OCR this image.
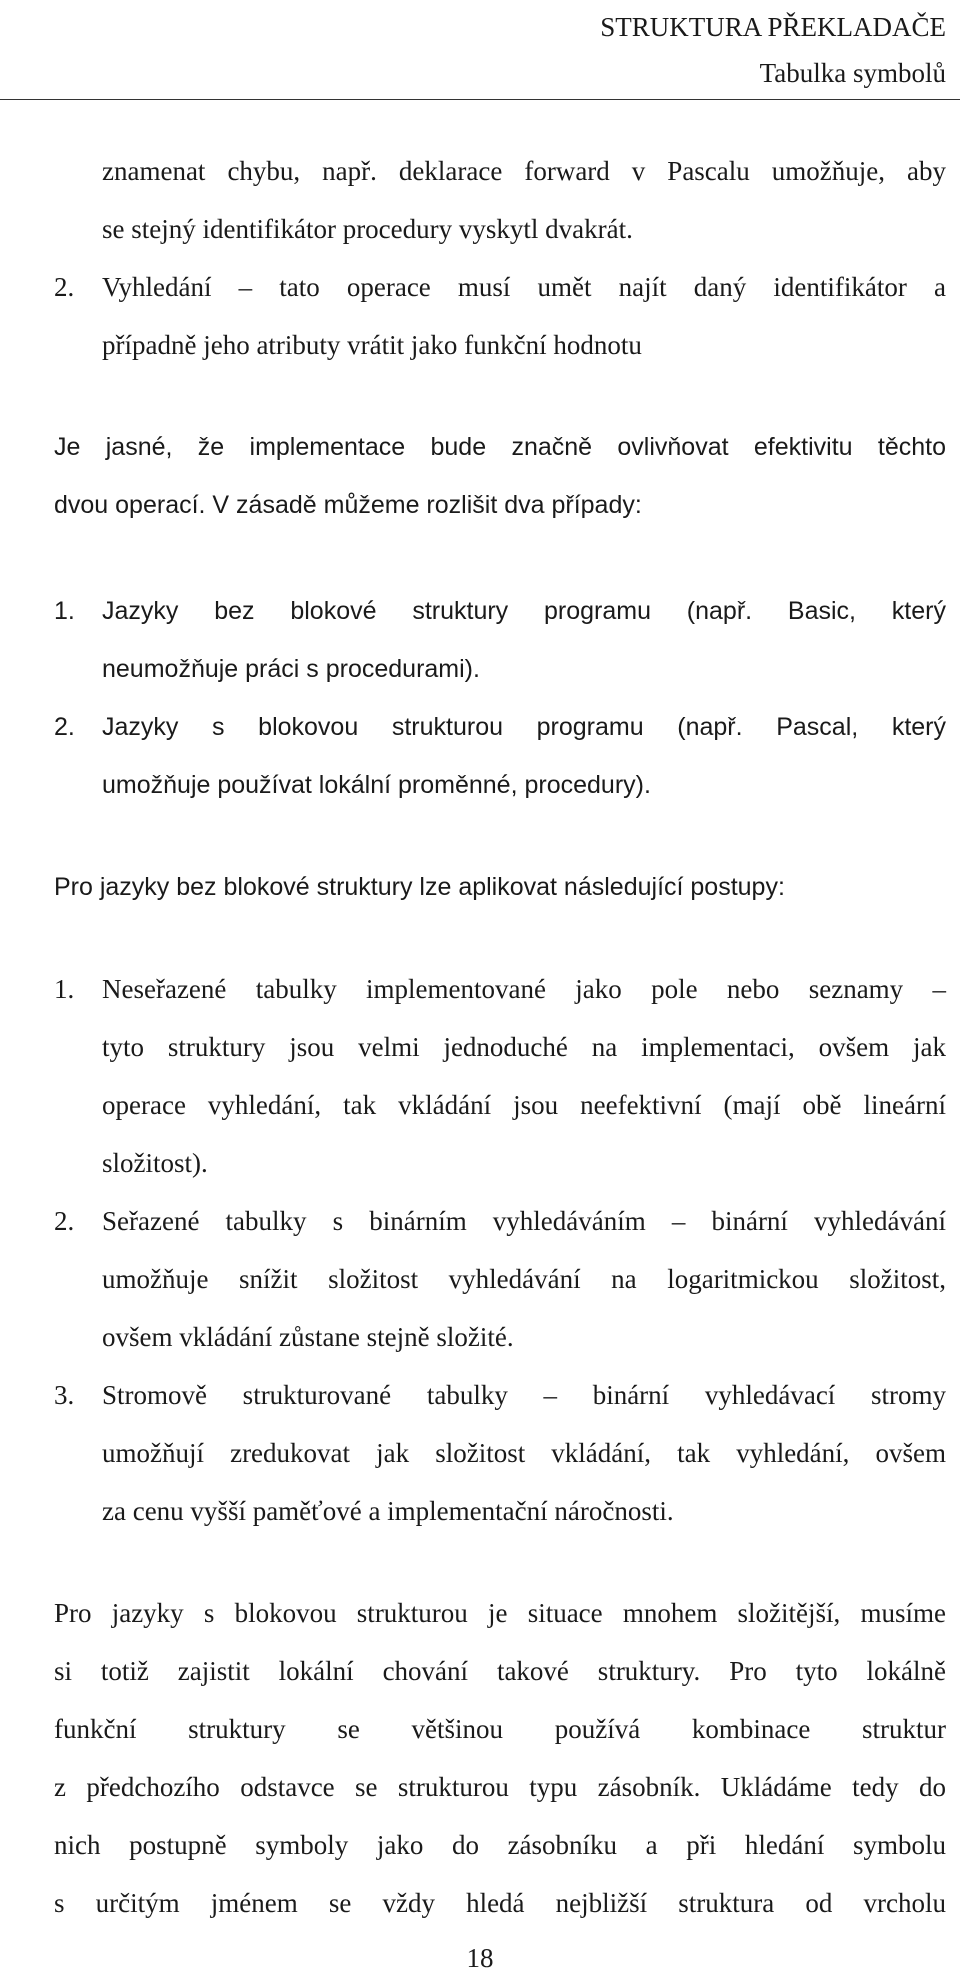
STRUKTURA PŘEKLADAČE
Tabulka symbolů
znamenat chybu, např. deklarace forward v Pascalu umožňuje, aby
se stejný identifikátor procedury vyskytl dvakrát.
2.	Vyhledání – tato operace musí umět najít daný identifikátor a
případně jeho atributy vrátit jako funkční hodnotu
Je jasné, že implementace bude značně ovlivňovat efektivitu těchto
dvou operací. V zásadě můžeme rozlišit dva případy:
1.	Jazyky bez blokové struktury programu (např. Basic, který
neumožňuje práci s procedurami).
2.	Jazyky s blokovou strukturou programu (např. Pascal, který
umožňuje používat lokální proměnné, procedury).
Pro jazyky bez blokové struktury lze aplikovat následující postupy:
1.	Neseřazené tabulky implementované jako pole nebo seznamy –
tyto struktury jsou velmi jednoduché na implementaci, ovšem jak
operace vyhledání, tak vkládání jsou neefektivní (mají obě lineární
složitost).
2.	Seřazené tabulky s binárním vyhledáváním – binární vyhledávání
umožňuje snížit složitost vyhledávání na logaritmickou složitost,
ovšem vkládání zůstane stejně složité.
3.	Stromově strukturované tabulky – binární vyhledávací stromy
umožňují zredukovat jak složitost vkládání, tak vyhledání, ovšem
za cenu vyšší paměťové a implementační náročnosti.
Pro jazyky s blokovou strukturou je situace mnohem složitější, musíme
si totiž zajistit lokální chování takové struktury. Pro tyto lokálně
funkční struktury se většinou používá kombinace struktur
z předchozího odstavce se strukturou typu zásobník. Ukládáme tedy do
nich postupně symboly jako do zásobníku a při hledání symbolu
s určitým jménem se vždy hledá nejbližší struktura od vrcholu
18
